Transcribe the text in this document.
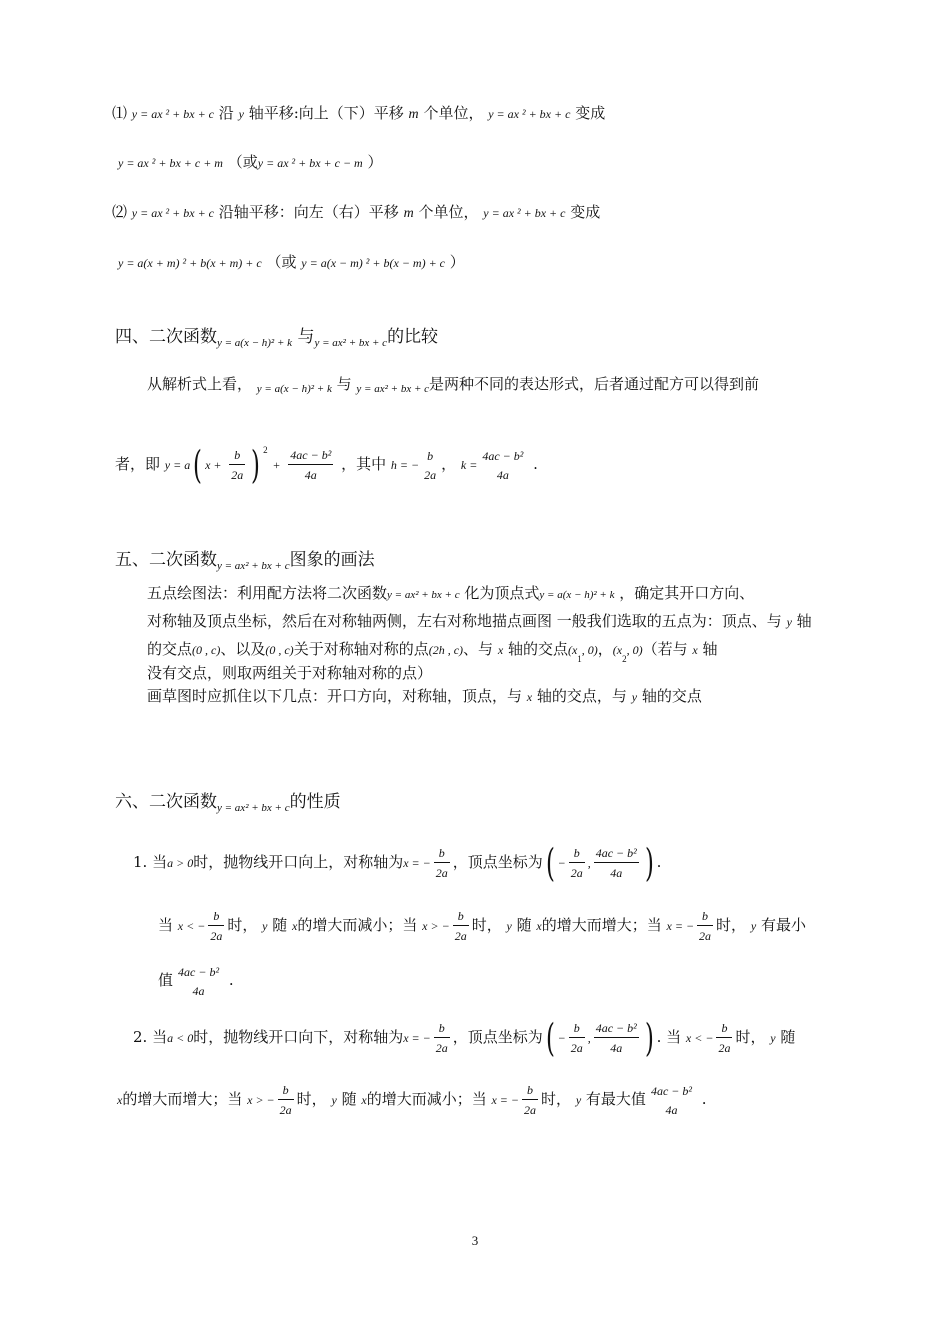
⑴ y = ax ² + bx + c 沿 y 轴平移:向上（下）平移 m 个单位， y = ax ² + bx + c 变成
y = ax ² + bx + c + m （或y = ax ² + bx + c − m ）
⑵ y = ax ² + bx + c 沿轴平移：向左（右）平移 m 个单位， y = ax ² + bx + c 变成
y = a(x + m) ² + b(x + m) + c （或 y = a(x − m) ² + b(x − m) + c ）
四、二次函数$_{y = a(x - h)^2 + k}$ 与$_{y = ax^2 + bx + c}$的比较
从解析式上看， $_{y = a(x - h)^2 + k}$ 与 $_{y = ax^2 + bx + c}$是两种不同的表达形式，后者通过配方可以得到前
者，即 y = a( $x + \frac{b}{2a}$ ) $^2 + \frac{\text{4ac − b²}}{4a}$ ，其中 h = −
b
2a
， k =
4ac − b²
4a
.
五、二次函数$_{y = ax^2 + bx + c}$图象的画法
五点绘图法：利用配方法将二次函数y = ax² + bx + c 化为顶点式y = a(x − h)² + k ，确定其开口方向、
对称轴及顶点坐标，然后在对称轴两侧，左右对称地描点画图 一般我们选取的五点为：顶点、与 y 轴
的交点(0 , c)、以及(0 , c)关于对称轴对称的点(2h , c)、与 x 轴的交点($x_1$, 0)，($x_2$, 0)（若与 x 轴
没有交点，则取两组关于对称轴对称的点）
画草图时应抓住以下几点：开口方向，对称轴，顶点，与 x 轴的交点，与 y 轴的交点
六、二次函数$_{y = ax^2 + bx + c}$的性质
1. 当a > 0时，抛物线开口向上，对称轴为x = − $\frac{b}{2a}$ ，顶点坐标为( − $\frac{b}{2a}$ , $\frac{\text{4ac − b²}}{4a}$ ) .
当 x < − $\frac{b}{2a}$ 时， y 随 x的增大而减小；当 x > − $\frac{b}{2a}$ 时， y 随 x的增大而增大；当 x = − $\frac{b}{2a}$ 时， y 有最小
值 4ac − b²
4a
.
2. 当a < 0时，抛物线开口向下，对称轴为x = − $\frac{b}{2a}$ ，顶点坐标为( − $\frac{b}{2a}$ , $\frac{\text{4ac − b²}}{4a}$ ) . 当 x < − $\frac{b}{2a}$ 时， y 随
x的增大而增大；当 x > − $\frac{b}{2a}$ 时， y 随 x的增大而减小；当 x = − $\frac{b}{2a}$ 时， y 有最大值 4ac − b²
4a
.
3
